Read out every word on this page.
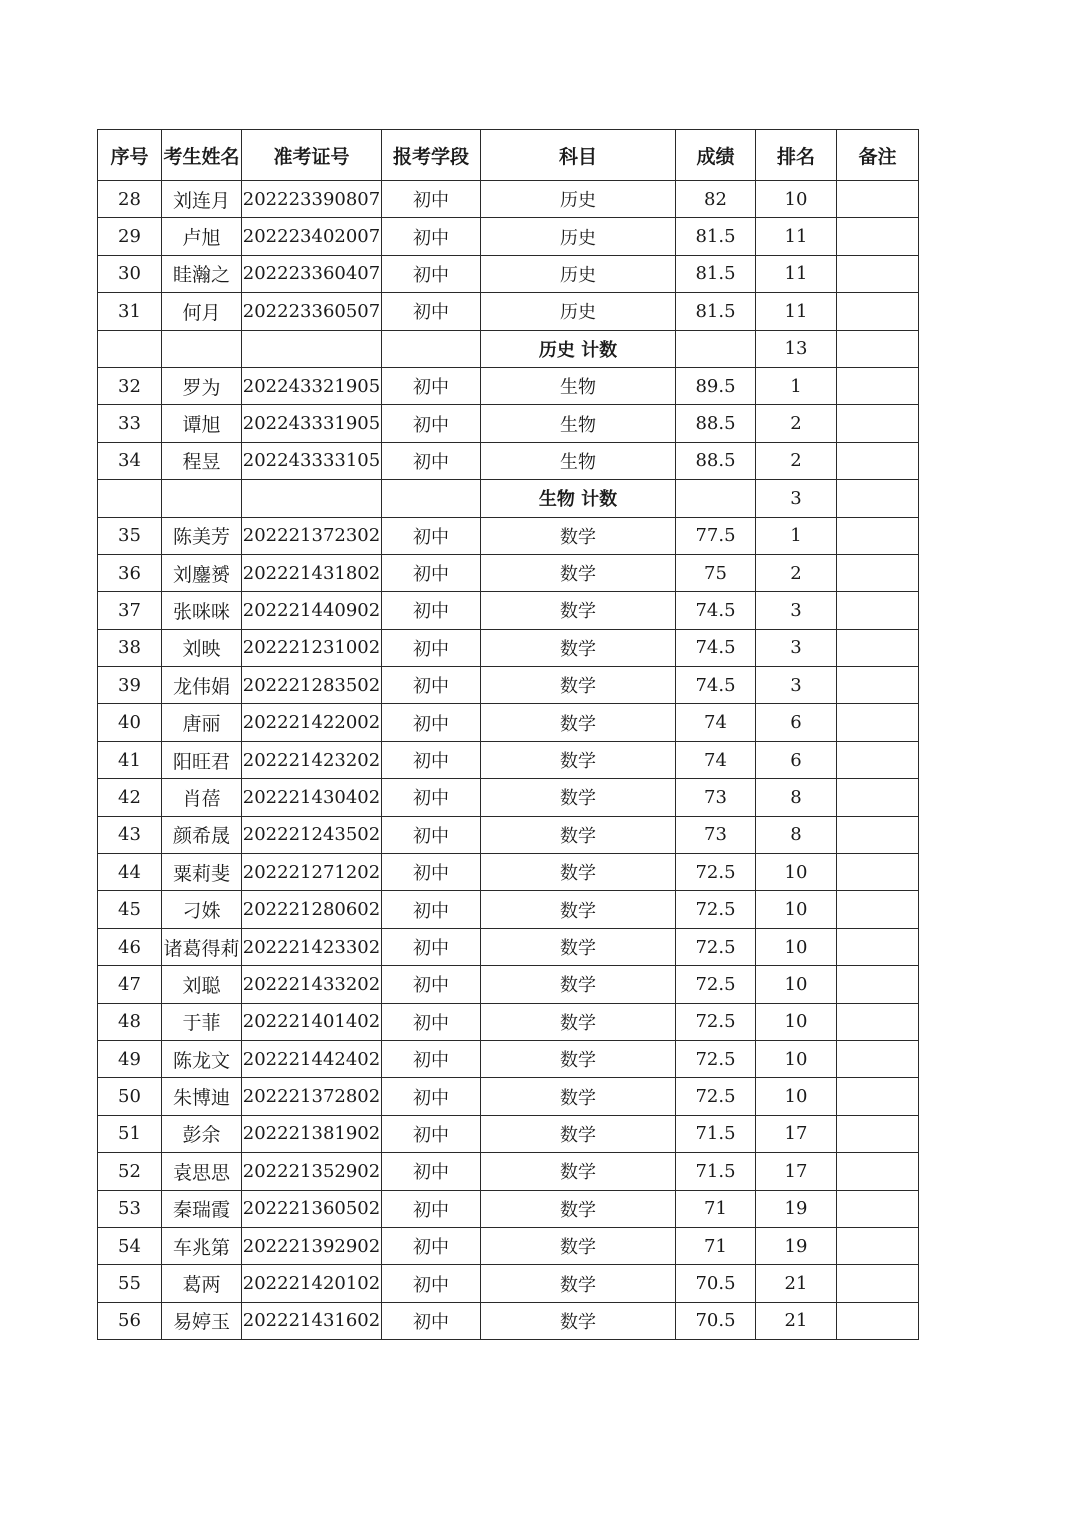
序号	考生姓名	准考证号	报考学段	科目	成绩	排名	备注
28	刘连月	202223390807	初中	历史	82	10	
29	卢旭	202223402007	初中	历史	81.5	11	
30	眭瀚之	202223360407	初中	历史	81.5	11	
31	何月	202223360507	初中	历史	81.5	11	
				历史 计数		13	
32	罗为	202243321905	初中	生物	89.5	1	
33	谭旭	202243331905	初中	生物	88.5	2	
34	程昱	202243333105	初中	生物	88.5	2	
				生物 计数		3	
35	陈美芳	202221372302	初中	数学	77.5	1	
36	刘鏖赟	202221431802	初中	数学	75	2	
37	张咪咪	202221440902	初中	数学	74.5	3	
38	刘映	202221231002	初中	数学	74.5	3	
39	龙伟娟	202221283502	初中	数学	74.5	3	
40	唐丽	202221422002	初中	数学	74	6	
41	阳旺君	202221423202	初中	数学	74	6	
42	肖蓓	202221430402	初中	数学	73	8	
43	颜希晟	202221243502	初中	数学	73	8	
44	粟莉斐	202221271202	初中	数学	72.5	10	
45	刁姝	202221280602	初中	数学	72.5	10	
46	诸葛得莉	202221423302	初中	数学	72.5	10	
47	刘聪	202221433202	初中	数学	72.5	10	
48	于菲	202221401402	初中	数学	72.5	10	
49	陈龙文	202221442402	初中	数学	72.5	10	
50	朱博迪	202221372802	初中	数学	72.5	10	
51	彭余	202221381902	初中	数学	71.5	17	
52	袁思思	202221352902	初中	数学	71.5	17	
53	秦瑞霞	202221360502	初中	数学	71	19	
54	车兆第	202221392902	初中	数学	71	19	
55	葛两	202221420102	初中	数学	70.5	21	
56	易婷玉	202221431602	初中	数学	70.5	21	
